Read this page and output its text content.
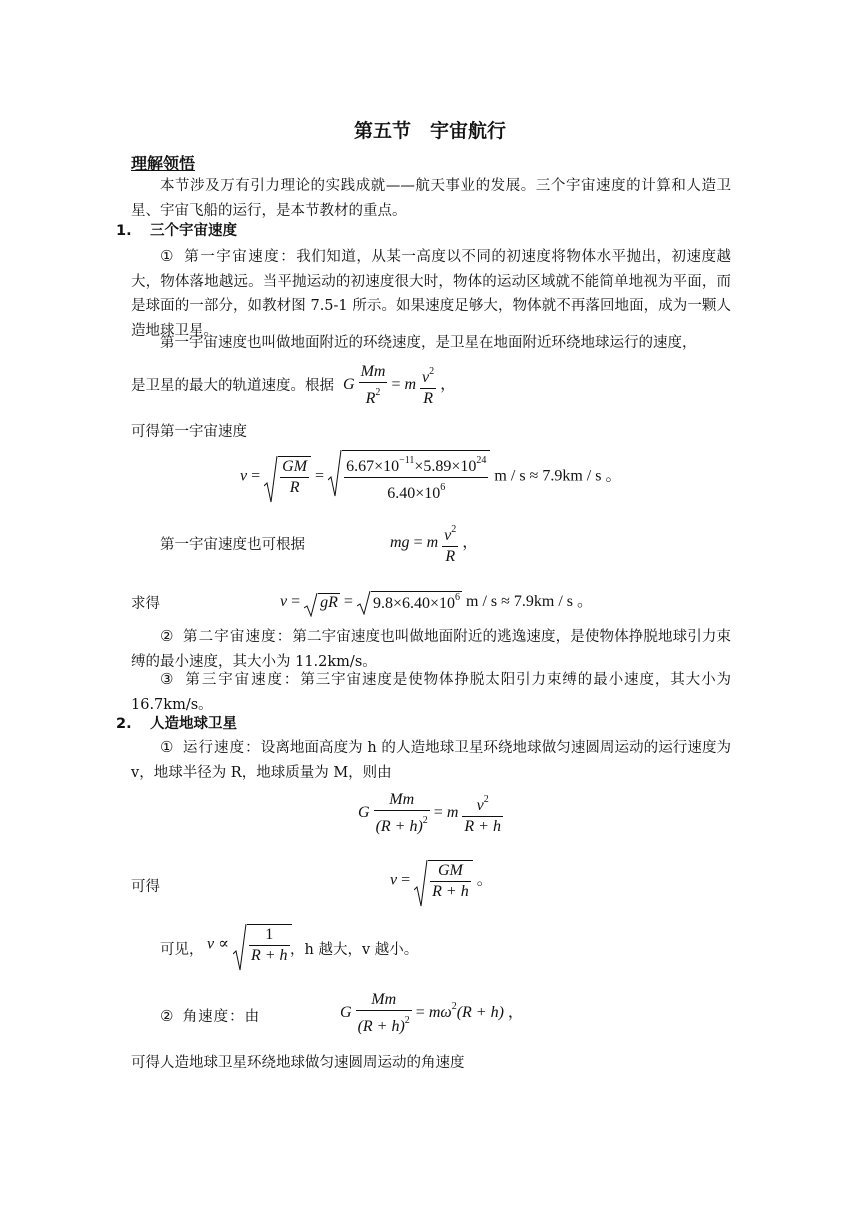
第五节　宇宙航行
理解领悟
本节涉及万有引力理论的实践成就——航天事业的发展。三个宇宙速度的计算和人造卫星、宇宙飞船的运行，是本节教材的重点。
1. 三个宇宙速度
① 第一宇宙速度：我们知道，从某一高度以不同的初速度将物体水平抛出，初速度越大，物体落地越远。当平抛运动的初速度很大时，物体的运动区域就不能简单地视为平面，而是球面的一部分，如教材图 7.5-1 所示。如果速度足够大，物体就不再落回地面，成为一颗人造地球卫星。
第一宇宙速度也叫做地面附近的环绕速度，是卫星在地面附近环绕地球运行的速度，
是卫星的最大的轨道速度。根据 G $\frac{Mm}{R^2} = m \frac{v^2}{R}$ ，
可得第一宇宙速度
$v = \frac{GM}{R} = \frac{6.67\times 10^{-11}\times 5.89\times 10^{24}}{6.40\times 10^6}$ m / s ≈ 7.9km / s 。
第一宇宙速度也可根据	mg = m $\frac{v^2}{R}$ ，
求得	v = gR = $9.8\times 6.40\times 10^6$ m / s ≈ 7.9km / s 。
② 第二宇宙速度：第二宇宙速度也叫做地面附近的逃逸速度，是使物体挣脱地球引力束缚的最小速度，其大小为 11.2km/s。
③ 第三宇宙速度：第三宇宙速度是使物体挣脱太阳引力束缚的最小速度，其大小为 16.7km/s。
2. 人造地球卫星
① 运行速度：设离地面高度为 h 的人造地球卫星环绕地球做匀速圆周运动的运行速度为 v，地球半径为 R，地球质量为 M，则由
G $\frac{Mm}{(R + h)^2} = m \frac{v^2}{R + h}$
可得	$v = \frac{GM}{R + h}$ 。
可见， $v \propto \frac{1}{R + h}$ ，h 越大，v 越小。
② 角速度：由	G $\frac{Mm}{(R + h)^2} = m\omega^2(R + h)$ ，
可得人造地球卫星环绕地球做匀速圆周运动的角速度
